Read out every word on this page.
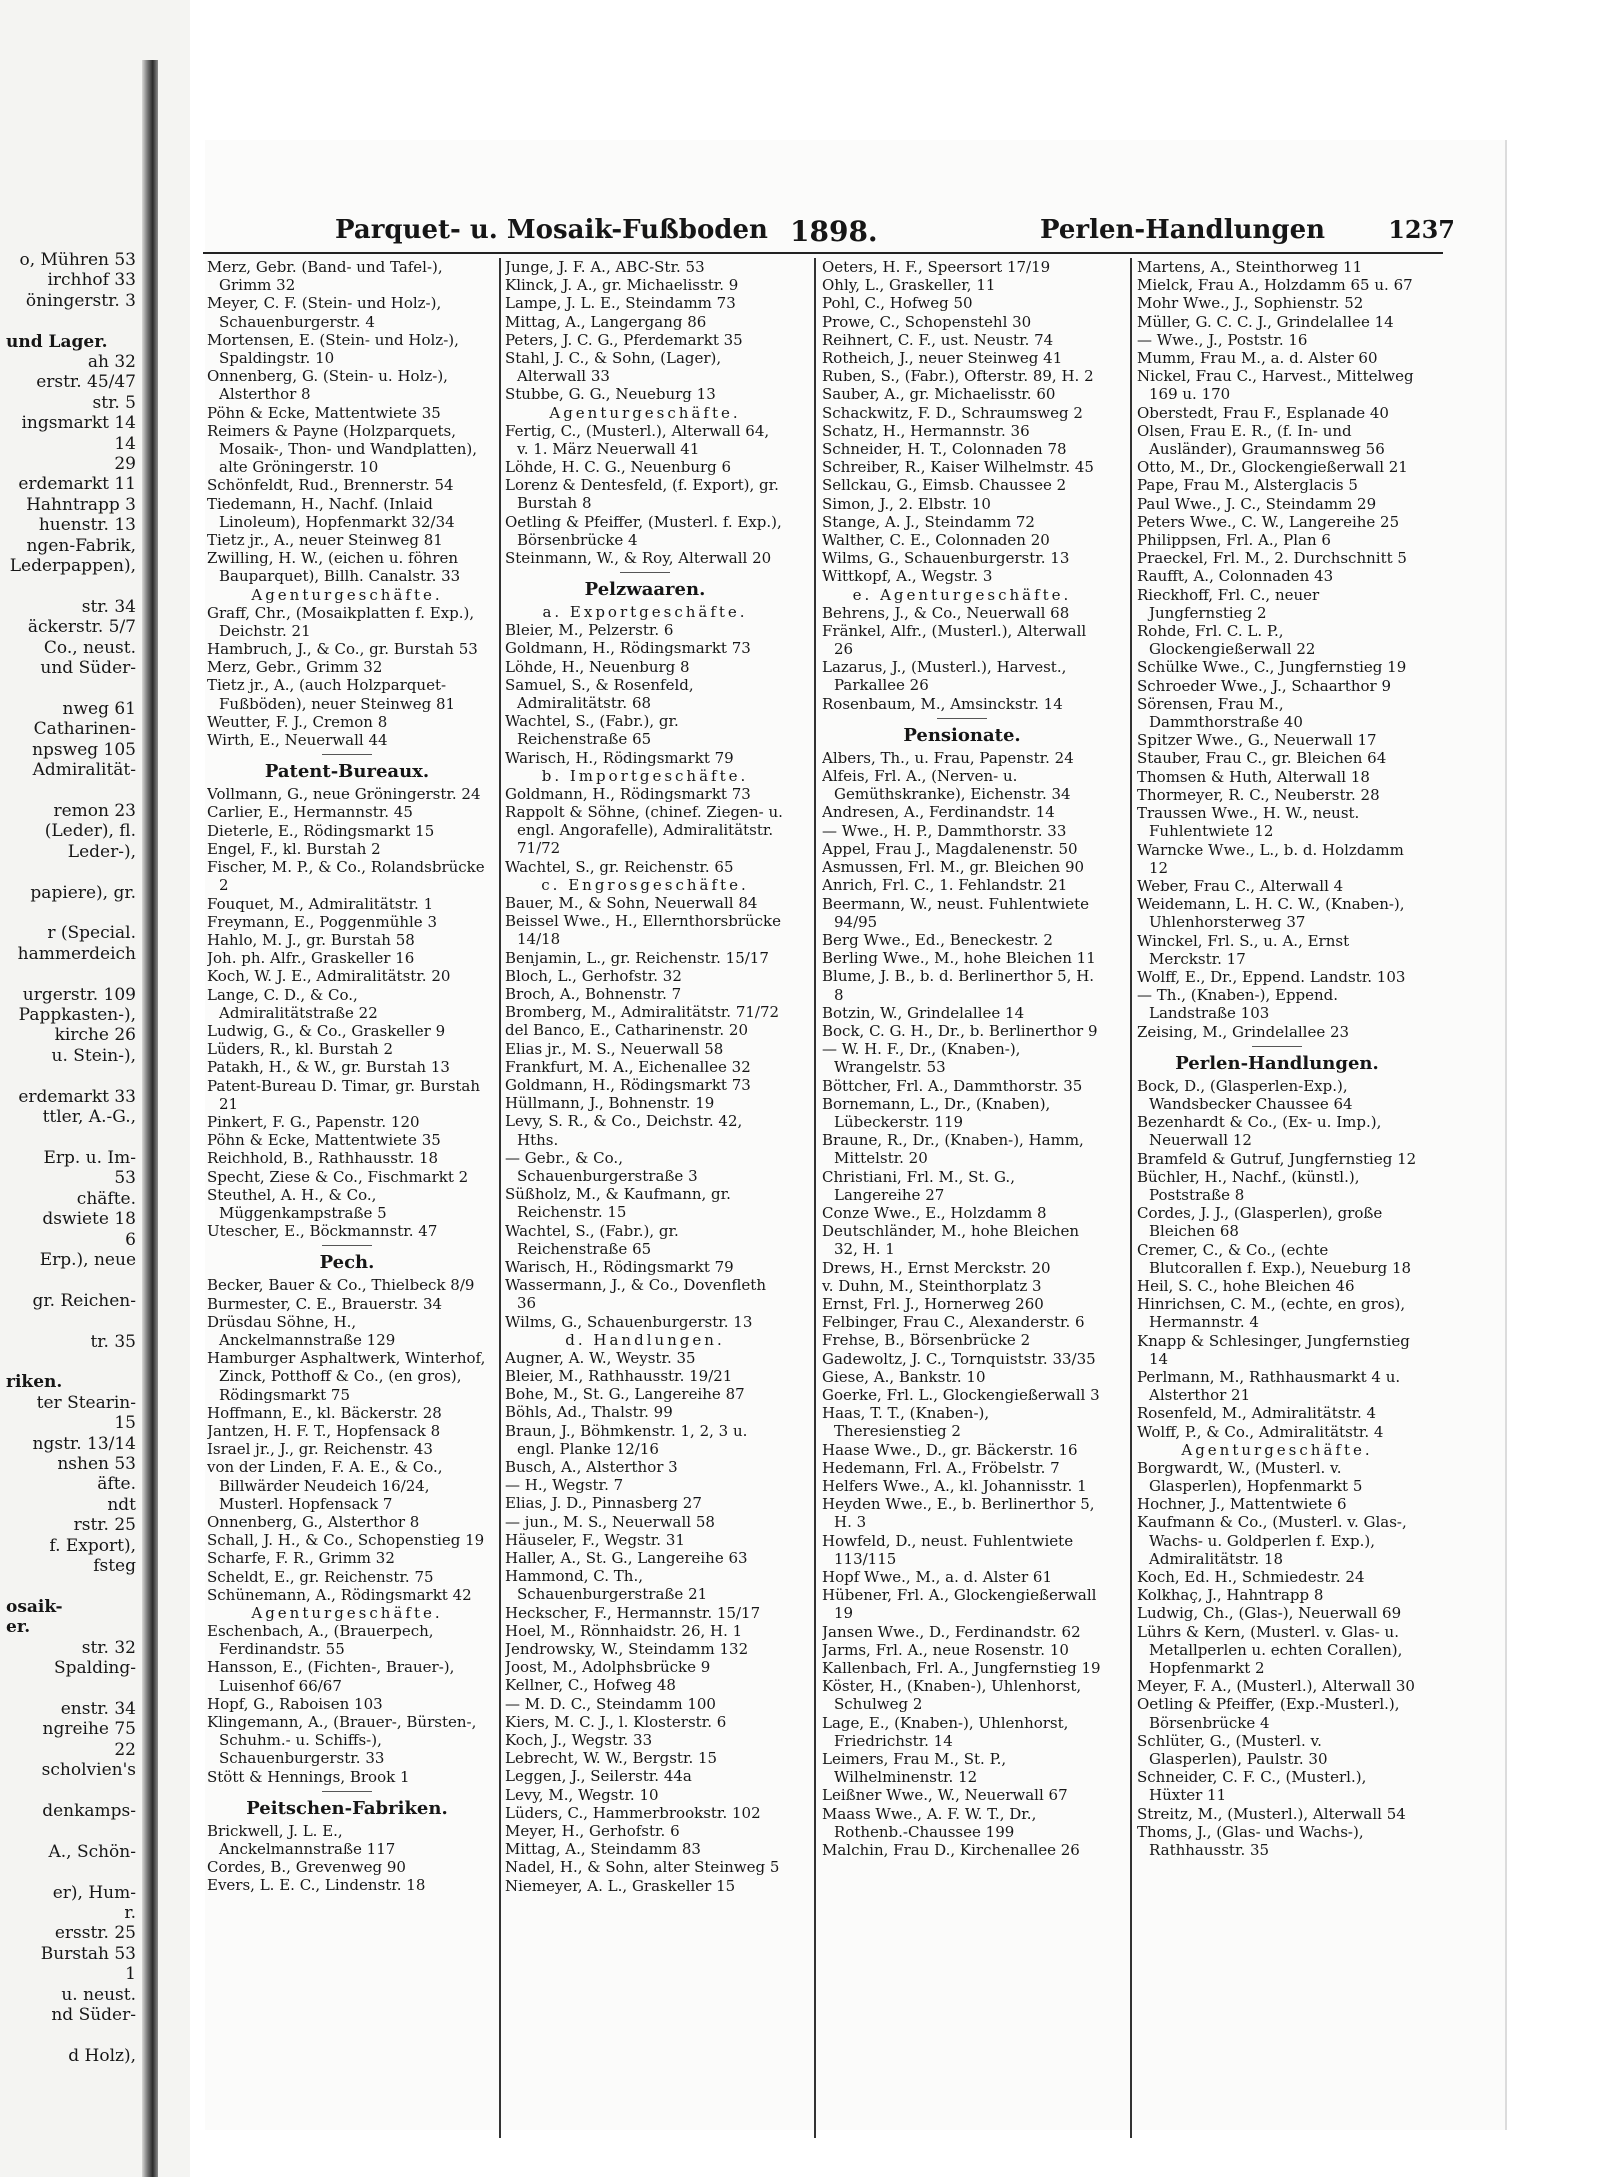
o, Mühren 53
irchhof 33
öningerstr. 3

und Lager.
ah 32
erstr. 45/47
str. 5
ingsmarkt 14
14
29
erdemarkt 11
Hahntrapp 3
huenstr. 13
ngen-Fabrik,
Lederpappen),

str. 34
äckerstr. 5/7
Co., neust.
und Süder-

nweg 61
Catharinen-
npsweg 105
Admiralität-

remon 23
(Leder), fl.
Leder-),

papiere), gr.

r (Special.
hammerdeich

urgerstr. 109
Pappkasten-),
kirche 26
u. Stein-),

erdemarkt 33
ttler, A.-G.,

Erp. u. Im-
53
chäfte.
dswiete 18
6
Erp.), neue

gr. Reichen-

tr. 35

riken.
ter Stearin-
15
ngstr. 13/14
nshen 53
äfte.
ndt
rstr. 25
f. Export),
fsteg

osaik-
er.
str. 32
Spalding-

enstr. 34
ngreihe 75
22
scholvien's

denkamps-

A., Schön-

er), Hum-
r.
ersstr. 25
Burstah 53
1
u. neust.
nd Süder-

d Holz),
Parquet- u. Mosaik-Fußboden 1898.	Perlen-Handlungen	1237
Merz, Gebr. (Band- und Tafel-), Grimm 32
Meyer, C. F. (Stein- und Holz-), Schauenburgerstr. 4
Mortensen, E. (Stein- und Holz-), Spaldingstr. 10
Onnenberg, G. (Stein- u. Holz-), Alsterthor 8
Pöhn & Ecke, Mattentwiete 35
Reimers & Payne (Holzparquets, Mosaik-, Thon- und Wandplatten), alte Gröningerstr. 10
Schönfeldt, Rud., Brennerstr. 54
Tiedemann, H., Nachf. (Inlaid Linoleum), Hopfenmarkt 32/34
Tietz jr., A., neuer Steinweg 81
Zwilling, H. W., (eichen u. föhren Bauparquet), Billh. Canalstr. 33
Agenturgeschäfte.
Graff, Chr., (Mosaikplatten f. Exp.), Deichstr. 21
Hambruch, J., & Co., gr. Burstah 53
Merz, Gebr., Grimm 32
Tietz jr., A., (auch Holzparquet-Fußböden), neuer Steinweg 81
Weutter, F. J., Cremon 8
Wirth, E., Neuerwall 44
Patent-Bureaux.
Vollmann, G., neue Gröningerstr. 24
Carlier, E., Hermannstr. 45
Dieterle, E., Rödingsmarkt 15
Engel, F., kl. Burstah 2
Fischer, M. P., & Co., Rolandsbrücke 2
Fouquet, M., Admiralitätstr. 1
Freymann, E., Poggenmühle 3
Hahlo, M. J., gr. Burstah 58
Joh. ph. Alfr., Graskeller 16
Koch, W. J. E., Admiralitätstr. 20
Lange, C. D., & Co., Admiralitätstraße 22
Ludwig, G., & Co., Graskeller 9
Lüders, R., kl. Burstah 2
Patakh, H., & W., gr. Burstah 13
Patent-Bureau D. Timar, gr. Burstah 21
Pinkert, F. G., Papenstr. 120
Pöhn & Ecke, Mattentwiete 35
Reichhold, B., Rathhausstr. 18
Specht, Ziese & Co., Fischmarkt 2
Steuthel, A. H., & Co., Müggenkampstraße 5
Utescher, E., Böckmannstr. 47
Pech.
Becker, Bauer & Co., Thielbeck 8/9
Burmester, C. E., Brauerstr. 34
Drüsdau Söhne, H., Anckelmannstraße 129
Hamburger Asphaltwerk, Winterhof, Zinck, Potthoff & Co., (en gros), Rödingsmarkt 75
Hoffmann, E., kl. Bäckerstr. 28
Jantzen, H. F. T., Hopfensack 8
Israel jr., J., gr. Reichenstr. 43
von der Linden, F. A. E., & Co., Billwärder Neudeich 16/24, Musterl. Hopfensack 7
Onnenberg, G., Alsterthor 8
Schall, J. H., & Co., Schopenstieg 19
Scharfe, F. R., Grimm 32
Scheldt, E., gr. Reichenstr. 75
Schünemann, A., Rödingsmarkt 42
Agenturgeschäfte.
Eschenbach, A., (Brauerpech, Ferdinandstr. 55
Hansson, E., (Fichten-, Brauer-), Luisenhof 66/67
Hopf, G., Raboisen 103
Klingemann, A., (Brauer-, Bürsten-, Schuhm.- u. Schiffs-), Schauenburgerstr. 33
Stött & Hennings, Brook 1
Peitschen-Fabriken.
Brickwell, J. L. E., Anckelmannstraße 117
Cordes, B., Grevenweg 90
Evers, L. E. C., Lindenstr. 18
Junge, J. F. A., ABC-Str. 53
Klinck, J. A., gr. Michaelisstr. 9
Lampe, J. L. E., Steindamm 73
Mittag, A., Langergang 86
Peters, J. C. G., Pferdemarkt 35
Stahl, J. C., & Sohn, (Lager), Alterwall 33
Stubbe, G. G., Neueburg 13
Agenturgeschäfte.
Fertig, C., (Musterl.), Alterwall 64, v. 1. März Neuerwall 41
Löhde, H. C. G., Neuenburg 6
Lorenz & Dentesfeld, (f. Export), gr. Burstah 8
Oetling & Pfeiffer, (Musterl. f. Exp.), Börsenbrücke 4
Steinmann, W., & Roy, Alterwall 20
Pelzwaaren.
a. Exportgeschäfte.
Bleier, M., Pelzerstr. 6
Goldmann, H., Rödingsmarkt 73
Löhde, H., Neuenburg 8
Samuel, S., & Rosenfeld, Admiralitätstr. 68
Wachtel, S., (Fabr.), gr. Reichenstraße 65
Warisch, H., Rödingsmarkt 79
b. Importgeschäfte.
Goldmann, H., Rödingsmarkt 73
Rappolt & Söhne, (chinef. Ziegen- u. engl. Angorafelle), Admiralitätstr. 71/72
Wachtel, S., gr. Reichenstr. 65
c. Engrosgeschäfte.
Bauer, M., & Sohn, Neuerwall 84
Beissel Wwe., H., Ellernthorsbrücke 14/18
Benjamin, L., gr. Reichenstr. 15/17
Bloch, L., Gerhofstr. 32
Broch, A., Bohnenstr. 7
Bromberg, M., Admiralitätstr. 71/72
del Banco, E., Catharinenstr. 20
Elias jr., M. S., Neuerwall 58
Frankfurt, M. A., Eichenallee 32
Goldmann, H., Rödingsmarkt 73
Hüllmann, J., Bohnenstr. 19
Levy, S. R., & Co., Deichstr. 42, Hths.
— Gebr., & Co., Schauenburgerstraße 3
Süßholz, M., & Kaufmann, gr. Reichenstr. 15
Wachtel, S., (Fabr.), gr. Reichenstraße 65
Warisch, H., Rödingsmarkt 79
Wassermann, J., & Co., Dovenfleth 36
Wilms, G., Schauenburgerstr. 13
d. Handlungen.
Augner, A. W., Weystr. 35
Bleier, M., Rathhausstr. 19/21
Bohe, M., St. G., Langereihe 87
Böhls, Ad., Thalstr. 99
Braun, J., Böhmkenstr. 1, 2, 3 u. engl. Planke 12/16
Busch, A., Alsterthor 3
— H., Wegstr. 7
Elias, J. D., Pinnasberg 27
— jun., M. S., Neuerwall 58
Häuseler, F., Wegstr. 31
Haller, A., St. G., Langereihe 63
Hammond, C. Th., Schauenburgerstraße 21
Heckscher, F., Hermannstr. 15/17
Hoel, M., Rönnhaidstr. 26, H. 1
Jendrowsky, W., Steindamm 132
Joost, M., Adolphsbrücke 9
Kellner, C., Hofweg 48
— M. D. C., Steindamm 100
Kiers, M. C. J., l. Klosterstr. 6
Koch, J., Wegstr. 33
Lebrecht, W. W., Bergstr. 15
Leggen, J., Seilerstr. 44a
Levy, M., Wegstr. 10
Lüders, C., Hammerbrookstr. 102
Meyer, H., Gerhofstr. 6
Mittag, A., Steindamm 83
Nadel, H., & Sohn, alter Steinweg 5
Niemeyer, A. L., Graskeller 15
Oeters, H. F., Speersort 17/19
Ohly, L., Graskeller, 11
Pohl, C., Hofweg 50
Prowe, C., Schopenstehl 30
Reihnert, C. F., ust. Neustr. 74
Rotheich, J., neuer Steinweg 41
Ruben, S., (Fabr.), Ofterstr. 89, H. 2
Sauber, A., gr. Michaelisstr. 60
Schackwitz, F. D., Schraumsweg 2
Schatz, H., Hermannstr. 36
Schneider, H. T., Colonnaden 78
Schreiber, R., Kaiser Wilhelmstr. 45
Sellckau, G., Eimsb. Chaussee 2
Simon, J., 2. Elbstr. 10
Stange, A. J., Steindamm 72
Walther, C. E., Colonnaden 20
Wilms, G., Schauenburgerstr. 13
Wittkopf, A., Wegstr. 3
e. Agenturgeschäfte.
Behrens, J., & Co., Neuerwall 68
Fränkel, Alfr., (Musterl.), Alterwall 26
Lazarus, J., (Musterl.), Harvest., Parkallee 26
Rosenbaum, M., Amsinckstr. 14
Pensionate.
Albers, Th., u. Frau, Papenstr. 24
Alfeis, Frl. A., (Nerven- u. Gemüthskranke), Eichenstr. 34
Andresen, A., Ferdinandstr. 14
— Wwe., H. P., Dammthorstr. 33
Appel, Frau J., Magdalenenstr. 50
Asmussen, Frl. M., gr. Bleichen 90
Anrich, Frl. C., 1. Fehlandstr. 21
Beermann, W., neust. Fuhlentwiete 94/95
Berg Wwe., Ed., Beneckestr. 2
Berling Wwe., M., hohe Bleichen 11
Blume, J. B., b. d. Berlinerthor 5, H. 8
Botzin, W., Grindelallee 14
Bock, C. G. H., Dr., b. Berlinerthor 9
— W. H. F., Dr., (Knaben-), Wrangelstr. 53
Böttcher, Frl. A., Dammthorstr. 35
Bornemann, L., Dr., (Knaben), Lübeckerstr. 119
Braune, R., Dr., (Knaben-), Hamm, Mittelstr. 20
Christiani, Frl. M., St. G., Langereihe 27
Conze Wwe., E., Holzdamm 8
Deutschländer, M., hohe Bleichen 32, H. 1
Drews, H., Ernst Merckstr. 20
v. Duhn, M., Steinthorplatz 3
Ernst, Frl. J., Hornerweg 260
Felbinger, Frau C., Alexanderstr. 6
Frehse, B., Börsenbrücke 2
Gadewoltz, J. C., Tornquiststr. 33/35
Giese, A., Bankstr. 10
Goerke, Frl. L., Glockengießerwall 3
Haas, T. T., (Knaben-), Theresienstieg 2
Haase Wwe., D., gr. Bäckerstr. 16
Hedemann, Frl. A., Fröbelstr. 7
Helfers Wwe., A., kl. Johannisstr. 1
Heyden Wwe., E., b. Berlinerthor 5, H. 3
Howfeld, D., neust. Fuhlentwiete 113/115
Hopf Wwe., M., a. d. Alster 61
Hübener, Frl. A., Glockengießerwall 19
Jansen Wwe., D., Ferdinandstr. 62
Jarms, Frl. A., neue Rosenstr. 10
Kallenbach, Frl. A., Jungfernstieg 19
Köster, H., (Knaben-), Uhlenhorst, Schulweg 2
Lage, E., (Knaben-), Uhlenhorst, Friedrichstr. 14
Leimers, Frau M., St. P., Wilhelminenstr. 12
Leißner Wwe., W., Neuerwall 67
Maass Wwe., A. F. W. T., Dr., Rothenb.-Chaussee 199
Malchin, Frau D., Kirchenallee 26
Martens, A., Steinthorweg 11
Mielck, Frau A., Holzdamm 65 u. 67
Mohr Wwe., J., Sophienstr. 52
Müller, G. C. C. J., Grindelallee 14
— Wwe., J., Poststr. 16
Mumm, Frau M., a. d. Alster 60
Nickel, Frau C., Harvest., Mittelweg 169 u. 170
Oberstedt, Frau F., Esplanade 40
Olsen, Frau E. R., (f. In- und Ausländer), Graumannsweg 56
Otto, M., Dr., Glockengießerwall 21
Pape, Frau M., Alsterglacis 5
Paul Wwe., J. C., Steindamm 29
Peters Wwe., C. W., Langereihe 25
Philippsen, Frl. A., Plan 6
Praeckel, Frl. M., 2. Durchschnitt 5
Raufft, A., Colonnaden 43
Rieckhoff, Frl. C., neuer Jungfernstieg 2
Rohde, Frl. C. L. P., Glockengießerwall 22
Schülke Wwe., C., Jungfernstieg 19
Schroeder Wwe., J., Schaarthor 9
Sörensen, Frau M., Dammthorstraße 40
Spitzer Wwe., G., Neuerwall 17
Stauber, Frau C., gr. Bleichen 64
Thomsen & Huth, Alterwall 18
Thormeyer, R. C., Neuberstr. 28
Traussen Wwe., H. W., neust. Fuhlentwiete 12
Warncke Wwe., L., b. d. Holzdamm 12
Weber, Frau C., Alterwall 4
Weidemann, L. H. C. W., (Knaben-), Uhlenhorsterweg 37
Winckel, Frl. S., u. A., Ernst Merckstr. 17
Wolff, E., Dr., Eppend. Landstr. 103
— Th., (Knaben-), Eppend. Landstraße 103
Zeising, M., Grindelallee 23
Perlen-Handlungen.
Bock, D., (Glasperlen-Exp.), Wandsbecker Chaussee 64
Bezenhardt & Co., (Ex- u. Imp.), Neuerwall 12
Bramfeld & Gutruf, Jungfernstieg 12
Büchler, H., Nachf., (künstl.), Poststraße 8
Cordes, J. J., (Glasperlen), große Bleichen 68
Cremer, C., & Co., (echte Blutcorallen f. Exp.), Neueburg 18
Heil, S. C., hohe Bleichen 46
Hinrichsen, C. M., (echte, en gros), Hermannstr. 4
Knapp & Schlesinger, Jungfernstieg 14
Perlmann, M., Rathhausmarkt 4 u. Alsterthor 21
Rosenfeld, M., Admiralitätstr. 4
Wolff, P., & Co., Admiralitätstr. 4
Agenturgeschäfte.
Borgwardt, W., (Musterl. v. Glasperlen), Hopfenmarkt 5
Hochner, J., Mattentwiete 6
Kaufmann & Co., (Musterl. v. Glas-, Wachs- u. Goldperlen f. Exp.), Admiralitätstr. 18
Koch, Ed. H., Schmiedestr. 24
Kolkhaç, J., Hahntrapp 8
Ludwig, Ch., (Glas-), Neuerwall 69
Lührs & Kern, (Musterl. v. Glas- u. Metallperlen u. echten Corallen), Hopfenmarkt 2
Meyer, F. A., (Musterl.), Alterwall 30
Oetling & Pfeiffer, (Exp.-Musterl.), Börsenbrücke 4
Schlüter, G., (Musterl. v. Glasperlen), Paulstr. 30
Schneider, C. F. C., (Musterl.), Hüxter 11
Streitz, M., (Musterl.), Alterwall 54
Thoms, J., (Glas- und Wachs-), Rathhausstr. 35
